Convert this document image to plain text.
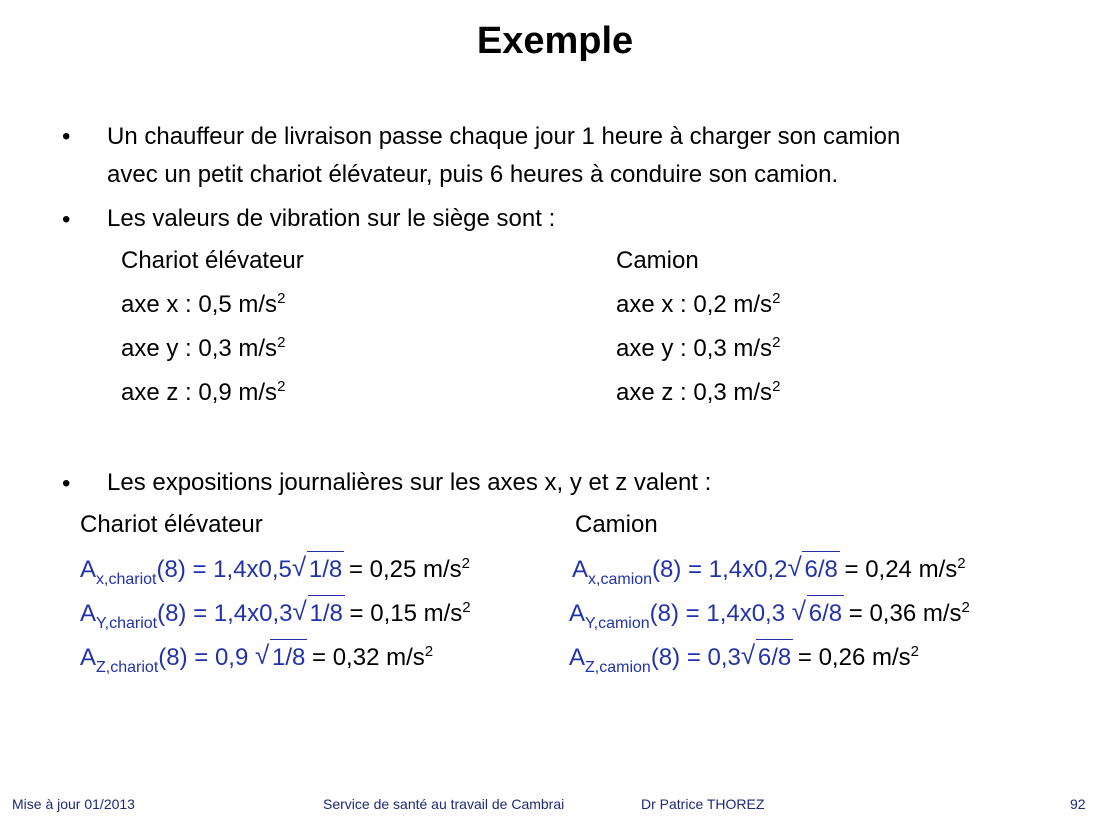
Exemple
• Un chauffeur de livraison passe chaque jour 1 heure à charger son camion
avec un petit chariot élévateur, puis 6 heures à conduire son camion.
• Les valeurs de vibration sur le siège sont :
Chariot élévateur
axe x : 0,5 $m/s^2$
axe y : 0,3 $m/s^2$
axe z : 0,9 $m/s^2$
Camion
axe x : 0,2 $m/s^2$
axe y : 0,3 $m/s^2$
axe z : 0,3 $m/s^2$
• Les expositions journalières sur les axes x, y et z valent :
Chariot élévateur	Camion
$A_{x,chariot}(8) = 1,4x0,5√$ 1/8 = 0,25 $m/s^2$
$A_{Y,chariot}(8) = 1,4x0,3√$ 1/8 = 0,15 $m/s^2$
$A_{Z,chariot}(8) = 0,9$ √ 1/8 = 0,32 $m/s^2$
$A_{x,camion}(8) = 1,4x0,2√$ 6/8 = 0,24 $m/s^2$
$A_{Y,camion}(8) = 1,4x0,3$ √ 6/8 = 0,36 $m/s^2$
$A_{Z,camion}(8) = 0,3√$ 6/8 = 0,26 $m/s^2$
Mise à jour 01/2013	Service de santé au travail de Cambrai	Dr Patrice THOREZ	92
